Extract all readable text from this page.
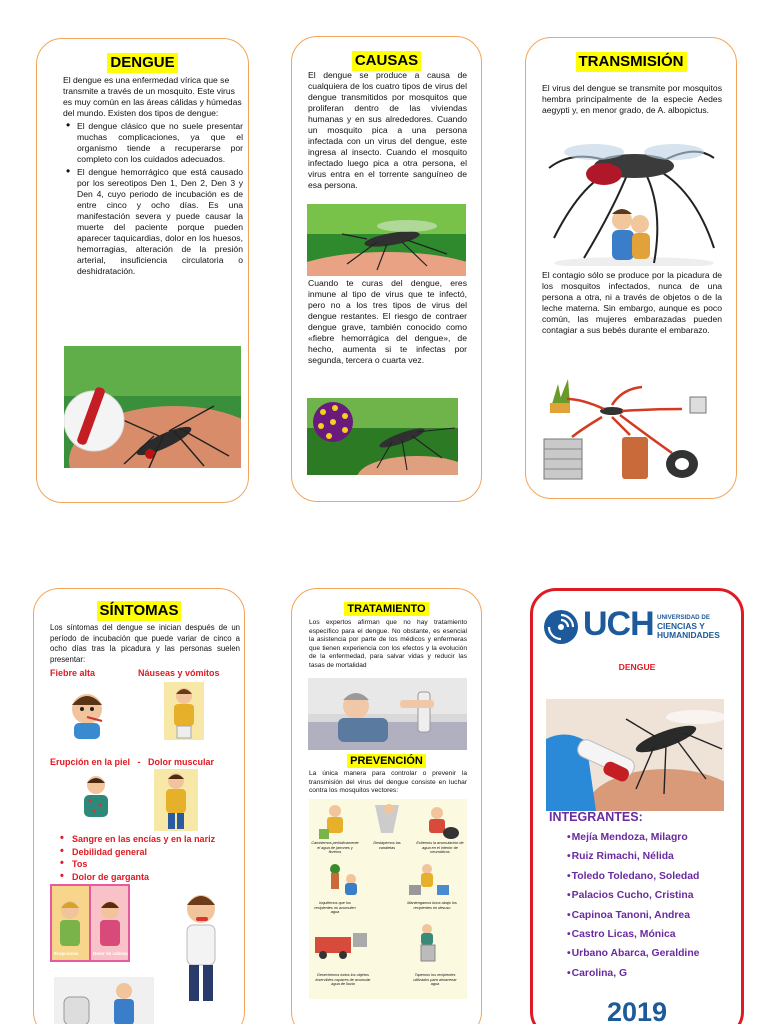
DENGUE

El dengue es una enfermedad vírica que se transmite a través de un mosquito. Este virus es muy común en las áreas cálidas y húmedas del mundo. Existen dos tipos de dengue:

• El dengue clásico que no suele presentar muchas complicaciones, ya que el organismo tiende a recuperarse por completo con los cuidados adecuados.
• El dengue hemorrágico que está causado por los sereotipos Den 1, Den 2, Den 3 y Den 4, cuyo periodo de incubación es de entre cinco y ocho días. Es una manifestación severa y puede causar la muerte del paciente porque pueden aparecer taquicardias, dolor en los huesos, hemorragias, alteración de la presión arterial, insuficiencia circulatoria o deshidratación.
CAUSAS

El dengue se produce a causa de cualquiera de los cuatro tipos de virus del dengue transmitidos por mosquitos que proliferan dentro de las viviendas humanas y en sus alrededores. Cuando un mosquito pica a una persona infectada con un virus del dengue, este ingresa al insecto. Cuando el mosquito infectado luego pica a otra persona, el virus entra en el torrente sanguíneo de esa persona.

Cuando te curas del dengue, eres inmune al tipo de virus que te infectó, pero no a los tres tipos de virus del dengue restantes. El riesgo de contraer dengue grave, también conocido como «fiebre hemorrágica del dengue», de hecho, aumenta si te infectas por segunda, tercera o cuarta vez.

TRANSMISIÓN

El virus del dengue se transmite por mosquitos hembra principalmente de la especie Aedes aegypti y, en menor grado, de A. albopictus.

El contagio sólo se produce por la picadura de los mosquitos infectados, nunca de una persona a otra, ni a través de objetos o de la leche materna. Sin embargo, aunque es poco común, las mujeres embarazadas pueden contagiar a sus bebés durante el embarazo.

SÍNTOMAS

Los síntomas del dengue se inician después de un período de incubación que puede variar de cinco a ocho días tras la picadura y las personas suelen presentar:

Fiebre alta	Náuseas y vómitos
Erupción en la piel   -   Dolor muscular
• Sangre en las encías y en la nariz
• Debilidad general
• Tos
• Dolor de garganta
Erupciones	Dolor de cabeza
TRATAMIENTO

Los expertos afirman que no hay tratamiento específico para el dengue. No obstante, es esencial la asistencia por parte de los médicos y enfermeras que tienen experiencia con los efectos y la evolución de la enfermedad, para salvar vidas y reducir las tasas de mortalidad

PREVENCIÓN

La única manera para controlar o prevenir la transmisión del virus del dengue consiste en luchar contra los mosquitos vectores:

Cambiemos periódicamente el agua de jarrones y floreros
Destapemos las canaletas
Evitemos la acumulación de agua en el interior de neumáticos
Inquilemos que los recipientes no acumulen agua
Mantengamos boca abajo los recipientes en desuso
Desechemos todos los objetos inservibles capaces de acumular agua de lluvia
Tapemos los recipientes utilizados para almacenar agua
UCH UNIVERSIDAD DE
CIENCIAS Y
HUMANIDADES
DENGUE
INTEGRANTES:
• Mejía Mendoza, Milagro
• Ruiz Rimachi, Nélida
• Toledo Toledano, Soledad
• Palacios Cucho, Cristina
• Capinoa Tanoni, Andrea
• Castro Licas, Mónica
• Urbano Abarca, Geraldine
• Carolina, G
2019
